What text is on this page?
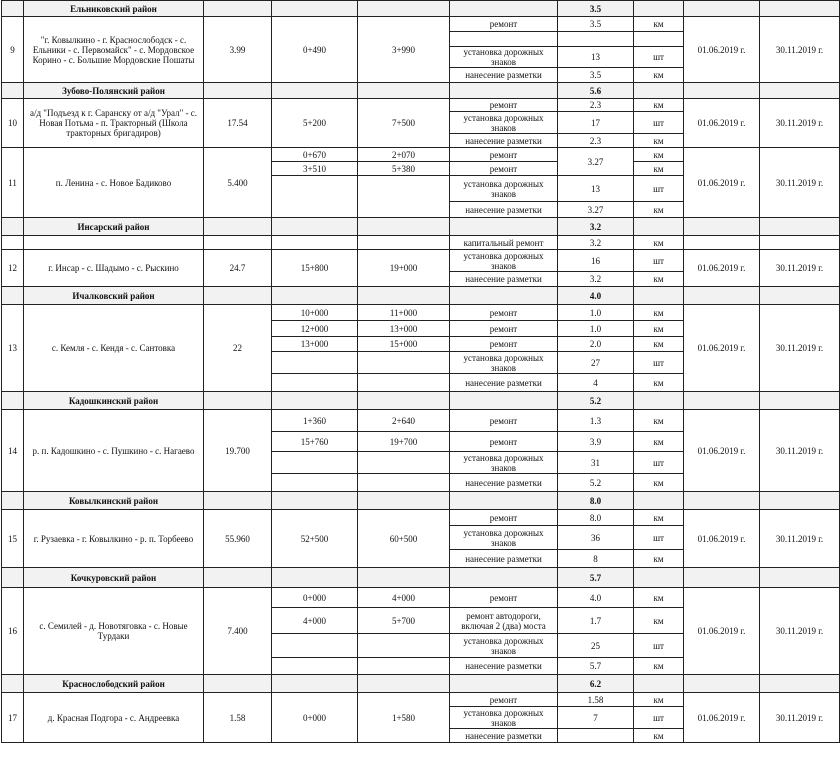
	Ельниковский район					3.5			
9	"г. Ковылкино - г. Краснослободск - с. Ельники - с. Первомайск" - с. Мордовское Корино - с. Большие Мордовские Пошаты	3.99	0+490	3+990	ремонт	3.5	км	01.06.2019 г.	30.11.2019 г.

					установка дорожных знаков	13	шт		
					нанесение разметки	3.5	км		
	Зубово-Полянский район					5.6			
10	а/д "Подъезд к г. Саранску от а/д "Урал" - с. Новая Потьма - п. Тракторный (Школа тракторных бригадиров)	17.54	5+200	7+500	ремонт	2.3	км	01.06.2019 г.	30.11.2019 г.
					установка дорожных знаков	17	шт		
					нанесение разметки	2.3	км		
11	п. Ленина - с. Новое Бадиково	5.400	0+670	2+070	ремонт	3.27	км	01.06.2019 г.	30.11.2019 г.
			3+510	5+380	ремонт		км		
					установка дорожных знаков	13	шт		

					нанесение разметки	3.27	км		
	Инсарский район					3.2			
					капитальный ремонт	3.2	км		
12	г. Инсар - с. Шадымо - с. Рыскино	24.7	15+800	19+000	установка дорожных знаков	16	шт	01.06.2019 г.	30.11.2019 г.
					нанесение разметки	3.2	км		
	Ичалковский район					4.0			
13	с. Кемля - с. Кендя - с. Сантовка	22	10+000	11+000	ремонт	1.0	км	01.06.2019 г.	30.11.2019 г.
			12+000	13+000	ремонт	1.0	км		
			13+000	15+000	ремонт	2.0	км		
					установка дорожных знаков	27	шт		
					нанесение разметки	4	км		
	Кадошкинский район					5.2			
14	р. п. Кадошкино - с. Пушкино - с. Нагаево	19.700	1+360	2+640	ремонт	1.3	км	01.06.2019 г.	30.11.2019 г.
			15+760	19+700	ремонт	3.9	км		
					установка дорожных знаков	31	шт		
					нанесение разметки	5.2	км		
	Ковылкинский район					8.0			
15	г. Рузаевка - г. Ковылкино - р. п. Торбеево	55.960	52+500	60+500	ремонт	8.0	км	01.06.2019 г.	30.11.2019 г.
					установка дорожных знаков	36	шт		
					нанесение разметки	8	км		
	Кочкуровский район					5.7			
16	с. Семилей - д. Новотяговка - с. Новые Турдаки	7.400	0+000	4+000	ремонт	4.0	км	01.06.2019 г.	30.11.2019 г.
			4+000	5+700	ремонт автодороги, включая 2 (два) моста	1.7	км		
					установка дорожных знаков	25	шт		
					нанесение разметки	5.7	км		
	Краснослободский район					6.2			
17	д. Красная Подгора - с. Андреевка	1.58	0+000	1+580	ремонт	1.58	км	01.06.2019 г.	30.11.2019 г.
					установка дорожных знаков	7	шт		
					нанесение разметки		км		
